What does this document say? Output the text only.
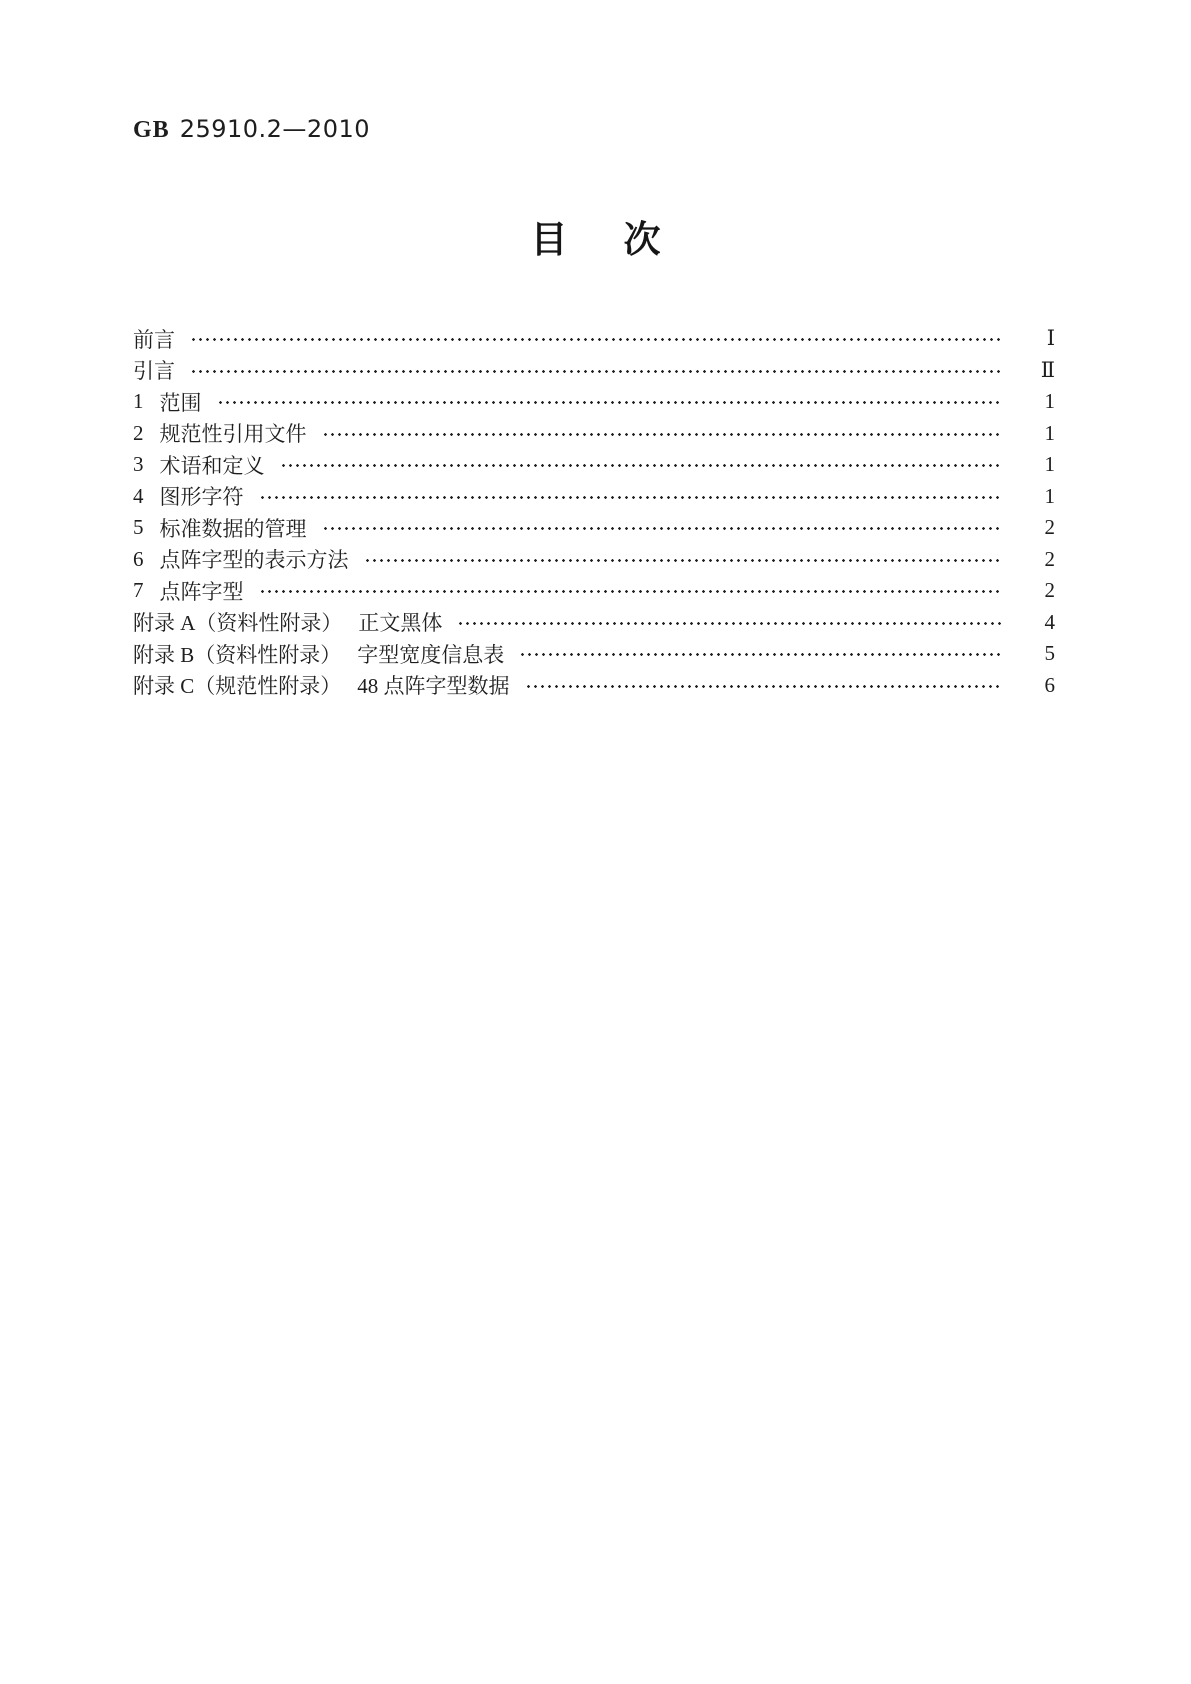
GB 25910.2—2010
目 次
前言	Ⅰ
引言	Ⅱ
1 范围	1
2 规范性引用文件	1
3 术语和定义	1
4 图形字符	1
5 标准数据的管理	2
6 点阵字型的表示方法	2
7 点阵字型	2
附录 A（资料性附录） 正文黑体	4
附录 B（资料性附录） 字型宽度信息表	5
附录 C（规范性附录） 48 点阵字型数据	6
